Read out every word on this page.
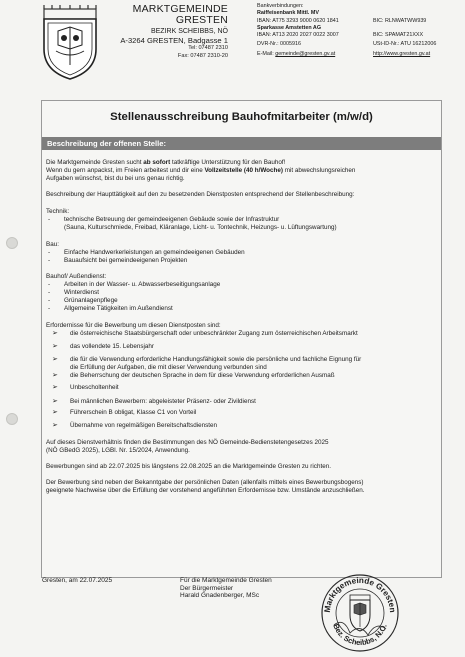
MARKTGEMEINDE
GRESTEN
BEZIRK SCHEIBBS, NÖ
A-3264 GRESTEN, Badgasse 1
Tel: 07487 2310
Fax: 07487 2310-20
Bankverbindungen:
Raiffeisenbank Mittl. MV
IBAN: AT75 3293 9000 0620 1841	BIC: RLNWATWW939
Sparkasse Amstetten AG
IBAN: AT13 2020 2027 0022 3007	BIC: SPAMAT21XXX
DVR-Nr.: 0005916	USt-ID-Nr.: ATU 16212006
E-Mail: gemeinde@gresten.gv.at	http://www.gresten.gv.at
Stellenausschreibung Bauhofmitarbeiter (m/w/d)
Beschreibung der offenen Stelle:
Die Marktgemeinde Gresten sucht ab sofort tatkräftige Unterstützung für den Bauhof!
Wenn du gern anpackst, im Freien arbeitest und dir eine Vollzeitstelle (40 h/Woche) mit abwechslungsreichen
Aufgaben wünschst, bist du bei uns genau richtig.
Beschreibung der Haupttätigkeit auf den zu besetzenden Dienstposten entsprechend der Stellenbeschreibung:
Technik:
- technische Betreuung der gemeindeeigenen Gebäude sowie der Infrastruktur
(Sauna, Kulturschmiede, Freibad, Kläranlage, Licht- u. Tontechnik, Heizungs- u. Lüftungswartung)
Bau:
- Einfache Handwerkerleistungen an gemeindeeigenen Gebäuden
- Bauaufsicht bei gemeindeeigenen Projekten
Bauhof/ Außendienst:
- Arbeiten in der Wasser- u. Abwasserbeseitigungsanlage
- Winterdienst
- Grünanlagenpflege
- Allgemeine Tätigkeiten im Außendienst
Erfordernisse für die Bewerbung um diesen Dienstposten sind:
➢ die österreichische Staatsbürgerschaft oder unbeschränkter Zugang zum österreichischen Arbeitsmarkt
➢ das vollendete 15. Lebensjahr
➢ die für die Verwendung erforderliche Handlungsfähigkeit sowie die persönliche und fachliche Eignung für
die Erfüllung der Aufgaben, die mit dieser Verwendung verbunden sind
➢ die Beherrschung der deutschen Sprache in dem für diese Verwendung erforderlichen Ausmaß
➢ Unbescholtenheit
➢ Bei männlichen Bewerbern: abgeleisteter Präsenz- oder Zivildienst
➢ Führerschein B obligat, Klasse C1 von Vorteil
➢ Übernahme von regelmäßigen Bereitschaftsdiensten
Auf dieses Dienstverhältnis finden die Bestimmungen des NÖ Gemeinde-Bedienstetengesetzes 2025
(NÖ GBedG 2025), LGBl. Nr. 15/2024, Anwendung.
Bewerbungen sind ab 22.07.2025 bis längstens 22.08.2025 an die Marktgemeinde Gresten zu richten.
Der Bewerbung sind neben der Bekanntgabe der persönlichen Daten (allenfalls mittels eines Bewerbungsbogens)
geeignete Nachweise über die Erfüllung der vorstehend angeführten Erfordernisse bzw. Umstände anzuschließen.
Gresten, am 22.07.2025	Für die Marktgemeinde Gresten
Der Bürgermeister
Harald Gnadenberger, MSc
Marktgemeinde Gresten
Bez. Scheibbs, N.Ö.
